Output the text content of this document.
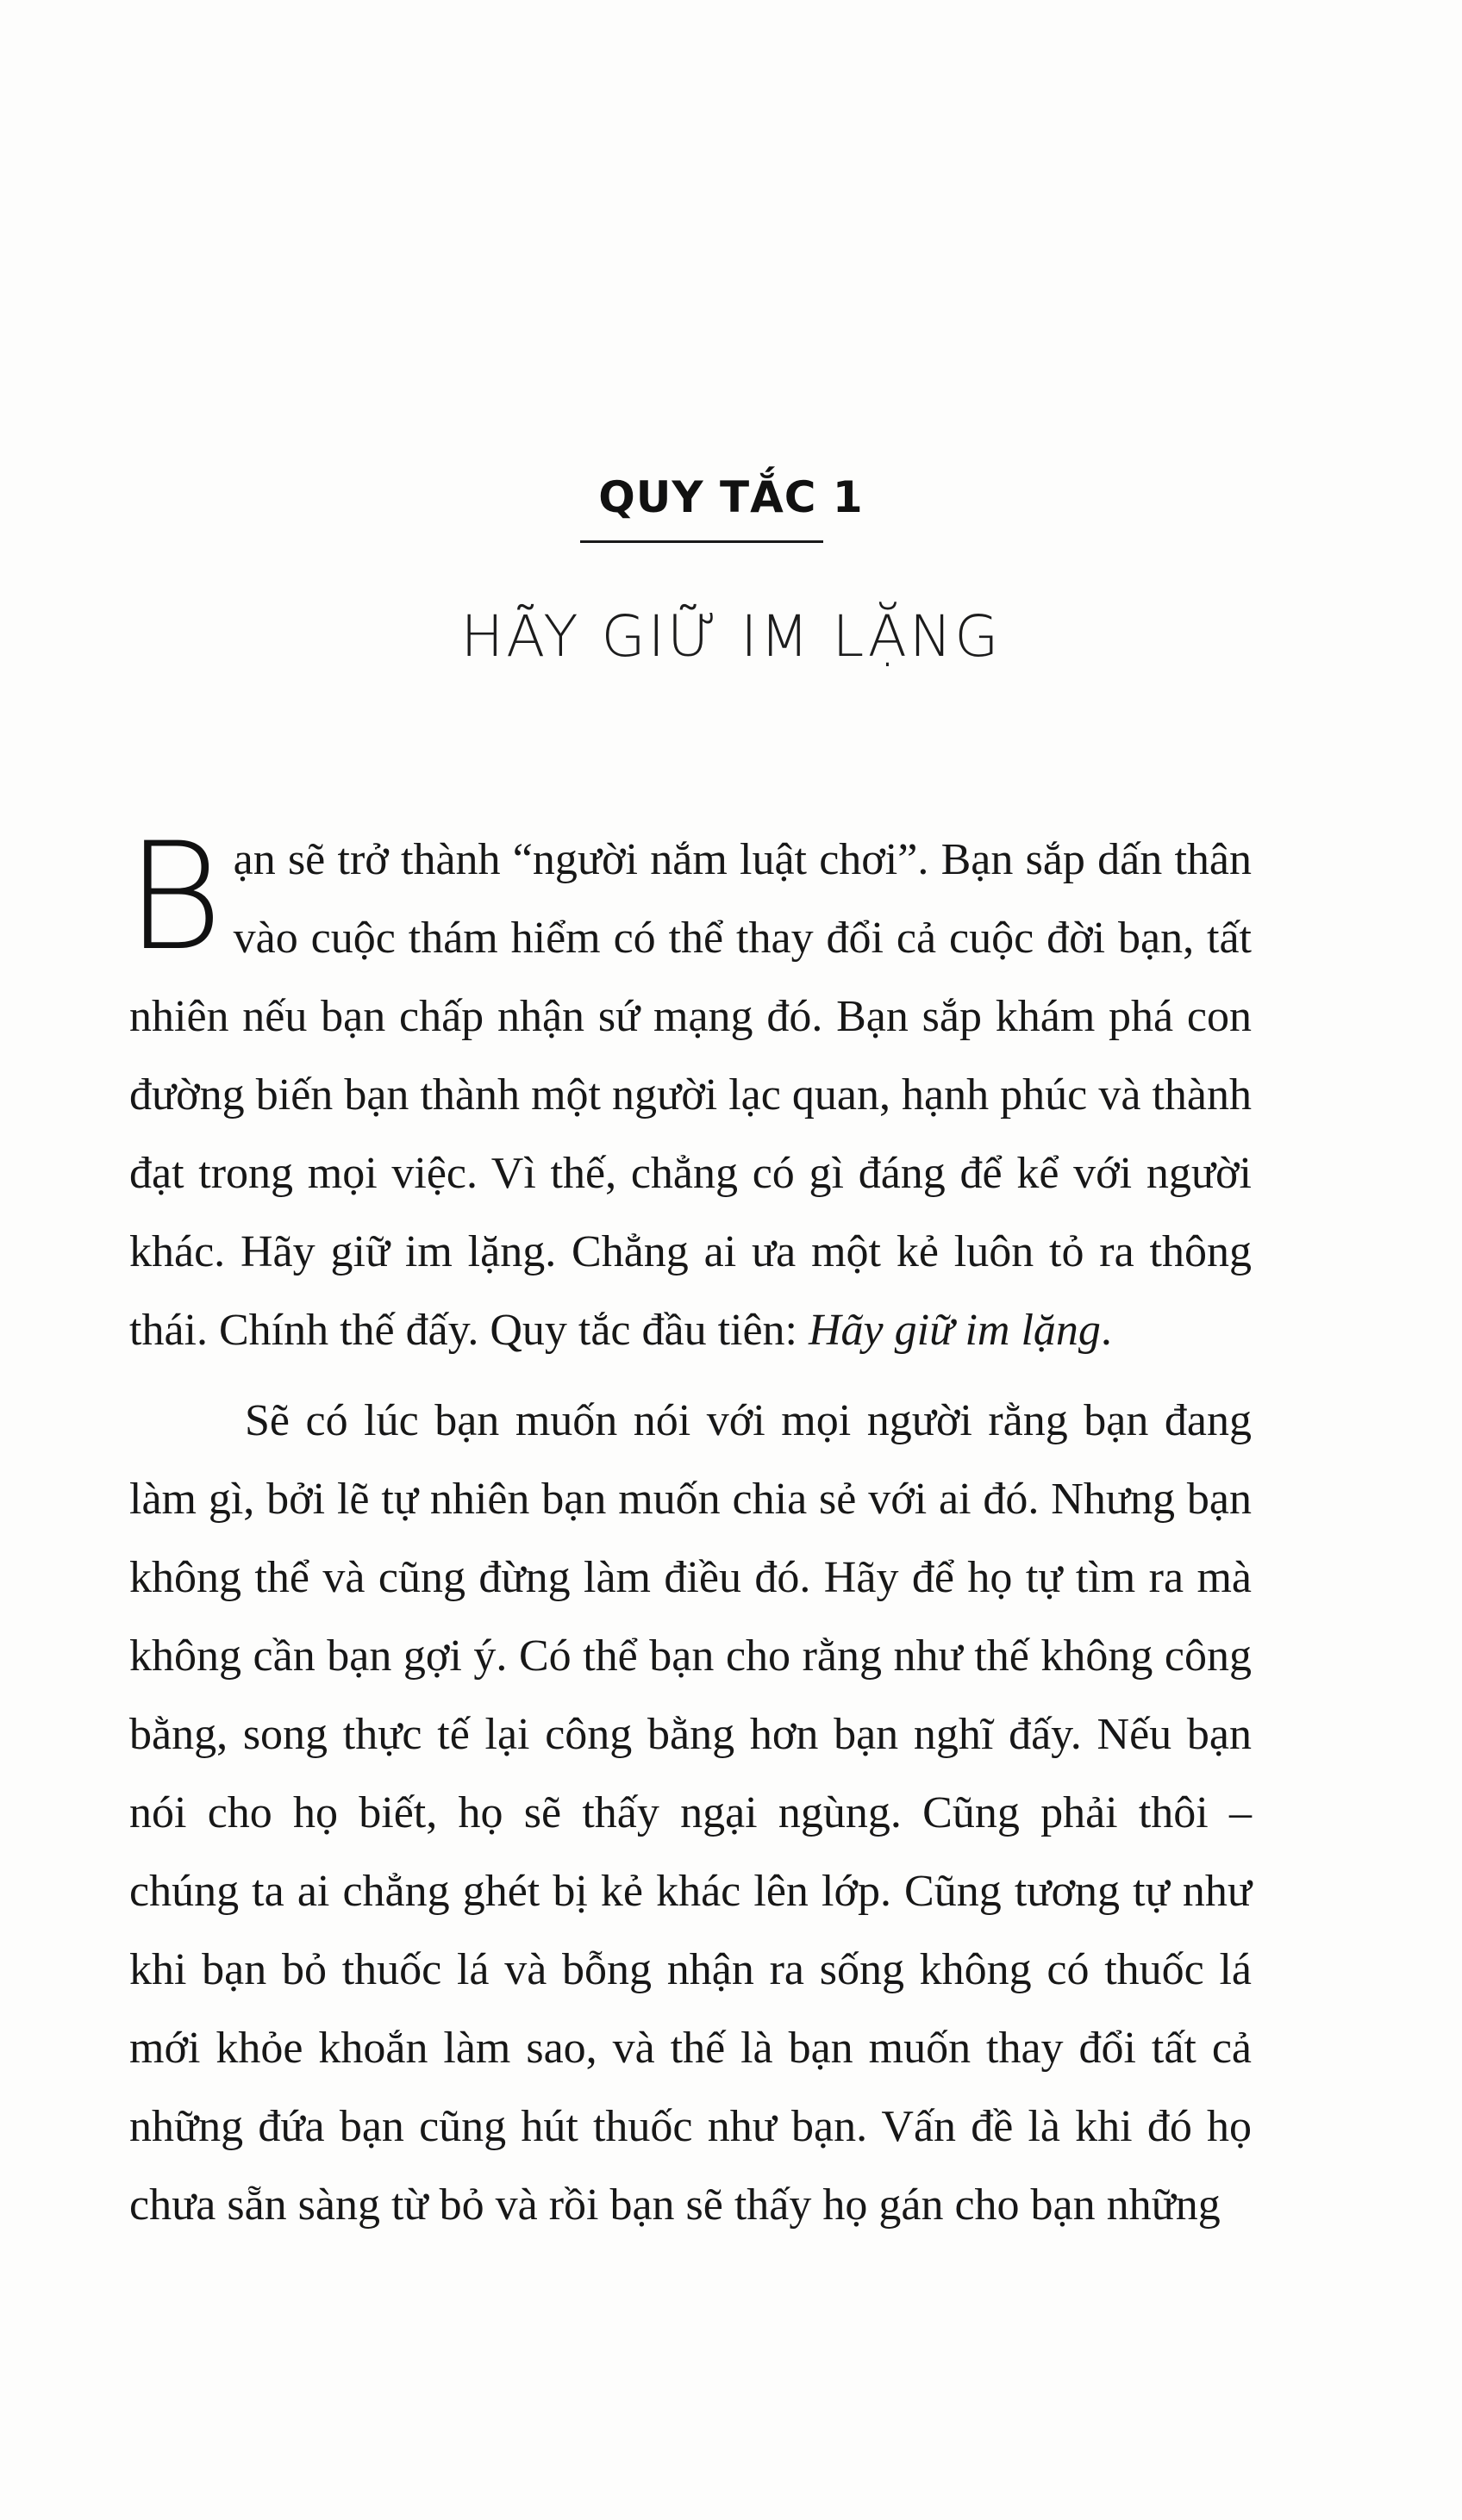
QUY TẮC 1
HÃY GIỮ IM LẶNG

Bạn sẽ trở thành “người nắm luật chơi”. Bạn sắp dấn thân vào cuộc thám hiểm có thể thay đổi cả cuộc đời bạn, tất nhiên nếu bạn chấp nhận sứ mạng đó. Bạn sắp khám phá con đường biến bạn thành một người lạc quan, hạnh phúc và thành đạt trong mọi việc. Vì thế, chẳng có gì đáng để kể với người khác. Hãy giữ im lặng. Chẳng ai ưa một kẻ luôn tỏ ra thông thái. Chính thế đấy. Quy tắc đầu tiên: Hãy giữ im lặng.

Sẽ có lúc bạn muốn nói với mọi người rằng bạn đang làm gì, bởi lẽ tự nhiên bạn muốn chia sẻ với ai đó. Nhưng bạn không thể và cũng đừng làm điều đó. Hãy để họ tự tìm ra mà không cần bạn gợi ý. Có thể bạn cho rằng như thế không công bằng, song thực tế lại công bằng hơn bạn nghĩ đấy. Nếu bạn nói cho họ biết, họ sẽ thấy ngại ngùng. Cũng phải thôi – chúng ta ai chẳng ghét bị kẻ khác lên lớp. Cũng tương tự như khi bạn bỏ thuốc lá và bỗng nhận ra sống không có thuốc lá mới khỏe khoắn làm sao, và thế là bạn muốn thay đổi tất cả những đứa bạn cũng hút thuốc như bạn. Vấn đề là khi đó họ chưa sẵn sàng từ bỏ và rồi bạn sẽ thấy họ gán cho bạn những
